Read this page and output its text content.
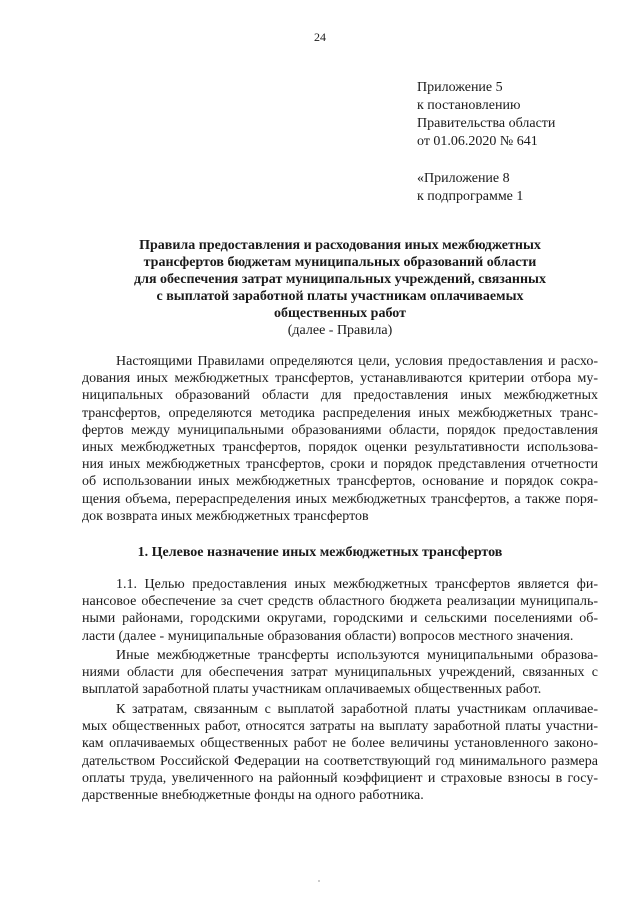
24
Приложение 5
к постановлению
Правительства области
от 01.06.2020 № 641
«Приложение 8
к подпрограмме 1
Правила предоставления и расходования иных межбюджетных
трансфертов бюджетам муниципальных образований области
для обеспечения затрат муниципальных учреждений, связанных
с выплатой заработной платы участникам оплачиваемых
общественных работ
(далее - Правила)
Настоящими Правилами определяются цели, условия предоставления и расхо-
дования иных межбюджетных трансфертов, устанавливаются критерии отбора му-
ниципальных образований области для предоставления иных межбюджетных
трансфертов, определяются методика распределения иных межбюджетных транс-
фертов между муниципальными образованиями области, порядок предоставления
иных межбюджетных трансфертов, порядок оценки результативности использова-
ния иных межбюджетных трансфертов, сроки и порядок представления отчетности
об использовании иных межбюджетных трансфертов, основание и порядок сокра-
щения объема, перераспределения иных межбюджетных трансфертов, а также поря-
док возврата иных межбюджетных трансфертов
1. Целевое назначение иных межбюджетных трансфертов
1.1. Целью предоставления иных межбюджетных трансфертов является фи-
нансовое обеспечение за счет средств областного бюджета реализации муниципаль-
ными районами, городскими округами, городскими и сельскими поселениями об-
ласти (далее - муниципальные образования области) вопросов местного значения.
Иные межбюджетные трансферты используются муниципальными образова-
ниями области для обеспечения затрат муниципальных учреждений, связанных с
выплатой заработной платы участникам оплачиваемых общественных работ.
К затратам, связанным с выплатой заработной платы участникам оплачивае-
мых общественных работ, относятся затраты на выплату заработной платы участни-
кам оплачиваемых общественных работ не более величины установленного законо-
дательством Российской Федерации на соответствующий год минимального размера
оплаты труда, увеличенного на районный коэффициент и страховые взносы в госу-
дарственные внебюджетные фонды на одного работника.
